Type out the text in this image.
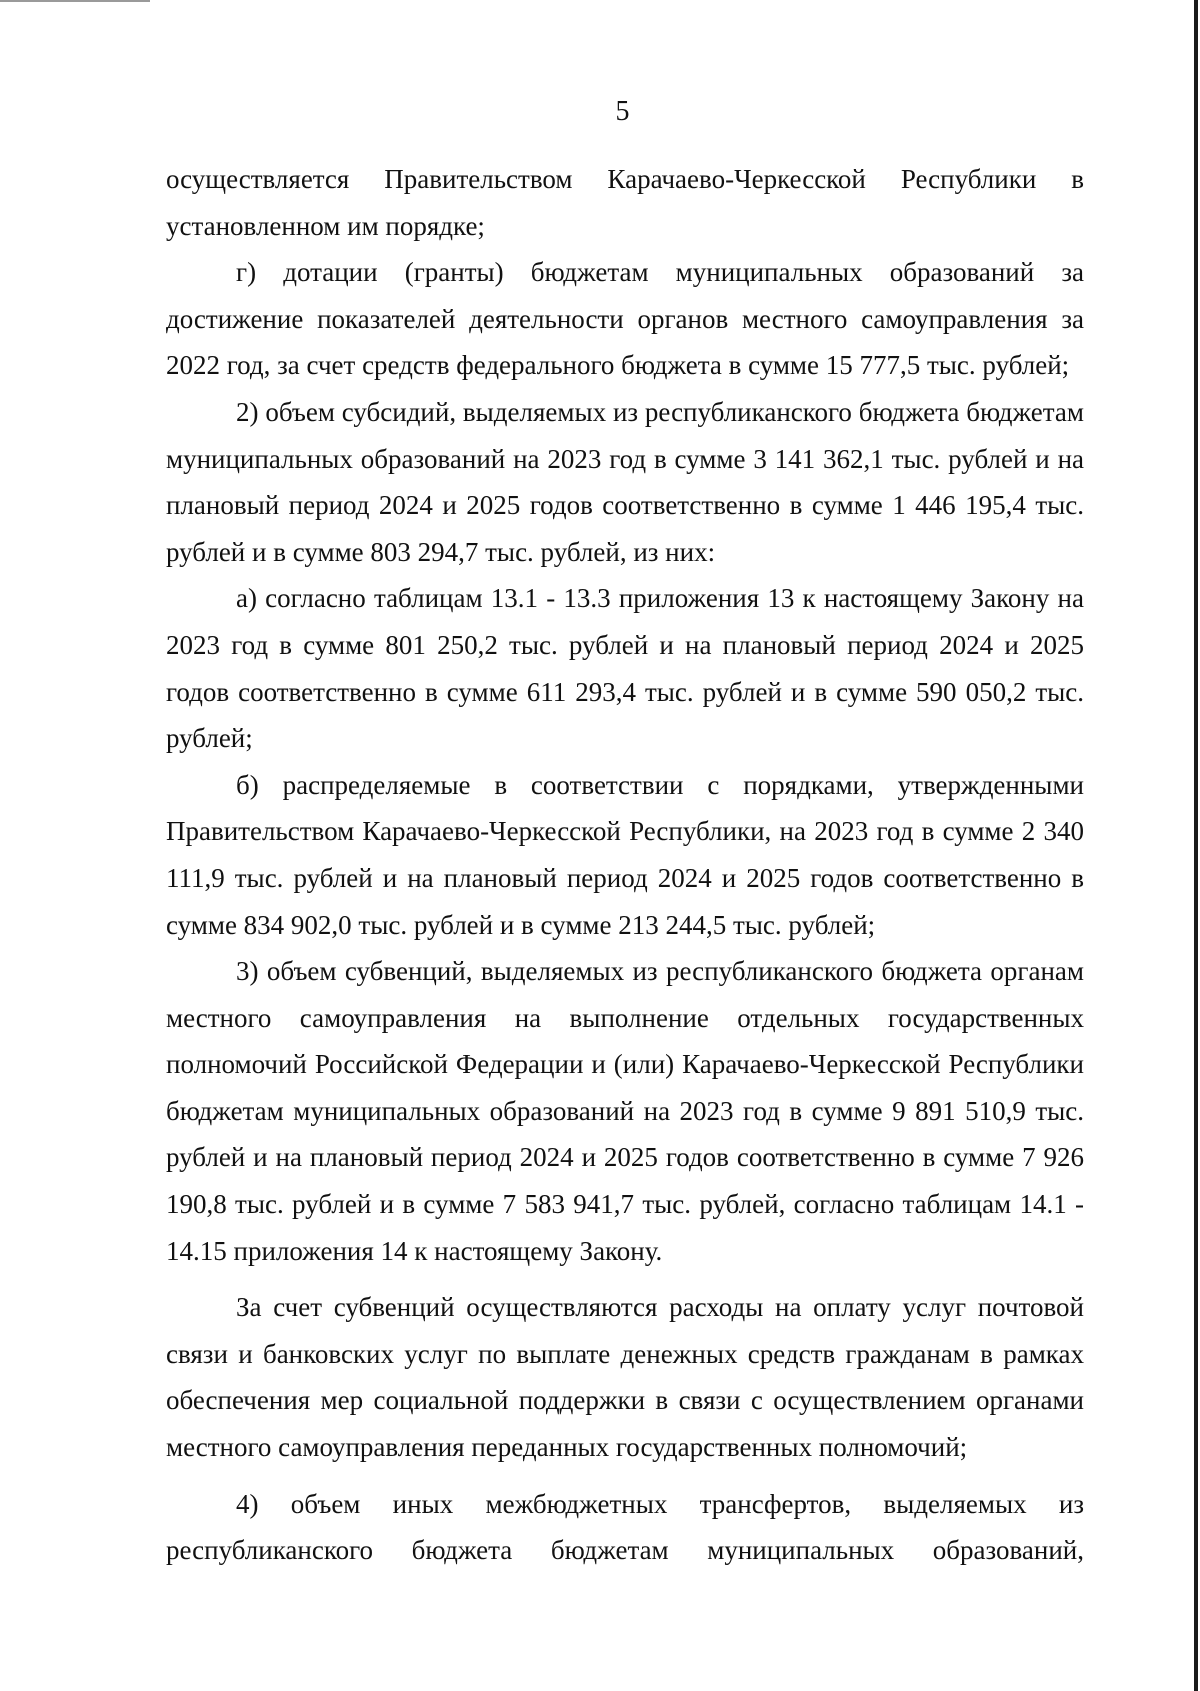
5

осуществляется Правительством Карачаево-Черкесской Республики в установленном им порядке;

г) дотации (гранты) бюджетам муниципальных образований за достижение показателей деятельности органов местного самоуправления за 2022 год, за счет средств федерального бюджета в сумме 15 777,5 тыс. рублей;

2) объем субсидий, выделяемых из республиканского бюджета бюджетам муниципальных образований на 2023 год в сумме 3 141 362,1 тыс. рублей и на плановый период 2024 и 2025 годов соответственно в сумме 1 446 195,4 тыс. рублей и в сумме 803 294,7 тыс. рублей, из них:

а) согласно таблицам 13.1 - 13.3 приложения 13 к настоящему Закону на 2023 год в сумме 801 250,2 тыс. рублей и на плановый период 2024 и 2025 годов соответственно в сумме 611 293,4 тыс. рублей и в сумме 590 050,2 тыс. рублей;

б) распределяемые в соответствии с порядками, утвержденными Правительством Карачаево-Черкесской Республики, на 2023 год в сумме 2 340 111,9 тыс. рублей и на плановый период 2024 и 2025 годов соответственно в сумме 834 902,0 тыс. рублей и в сумме 213 244,5 тыс. рублей;

3) объем субвенций, выделяемых из республиканского бюджета органам местного самоуправления на выполнение отдельных государственных полномочий Российской Федерации и (или) Карачаево-Черкесской Республики бюджетам муниципальных образований на 2023 год в сумме 9 891 510,9 тыс. рублей и на плановый период 2024 и 2025 годов соответственно в сумме 7 926 190,8 тыс. рублей и в сумме 7 583 941,7 тыс. рублей, согласно таблицам 14.1 - 14.15 приложения 14 к настоящему Закону.

За счет субвенций осуществляются расходы на оплату услуг почтовой связи и банковских услуг по выплате денежных средств гражданам в рамках обеспечения мер социальной поддержки в связи с осуществлением органами местного самоуправления переданных государственных полномочий;

4) объем иных межбюджетных трансфертов, выделяемых из республиканского бюджета бюджетам муниципальных образований,
